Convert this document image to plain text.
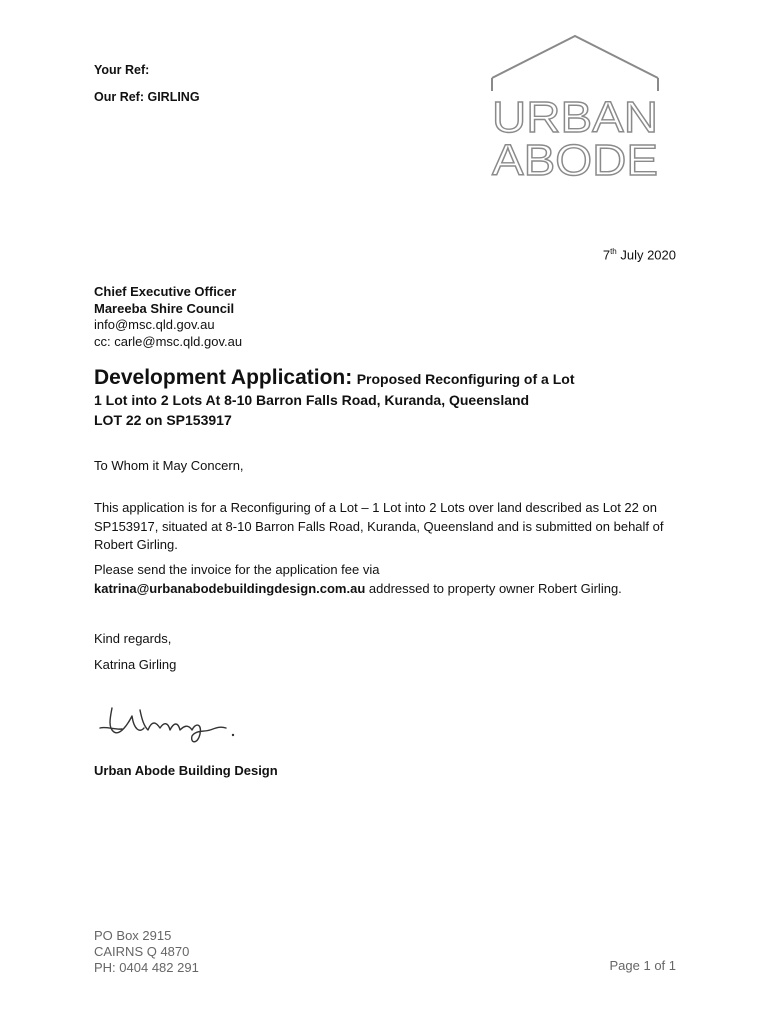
Your Ref:
Our Ref: GIRLING	URBAN
ABODE
7th July 2020
Chief Executive Officer
Mareeba Shire Council
info@msc.qld.gov.au
cc: carle@msc.qld.gov.au
Development Application: Proposed Reconfiguring of a Lot
1 Lot into 2 Lots At 8-10 Barron Falls Road, Kuranda, Queensland
LOT 22 on SP153917
To Whom it May Concern,
This application is for a Reconfiguring of a Lot – 1 Lot into 2 Lots over land described as Lot 22 on SP153917, situated at 8-10 Barron Falls Road, Kuranda, Queensland and is submitted on behalf of Robert Girling.
Please send the invoice for the application fee via
katrina@urbanabodebuildingdesign.com.au addressed to property owner Robert Girling.
Kind regards,
Katrina Girling
Urban Abode Building Design
PO Box 2915
CAIRNS Q 4870
PH: 0404 482 291	Page 1 of 1
